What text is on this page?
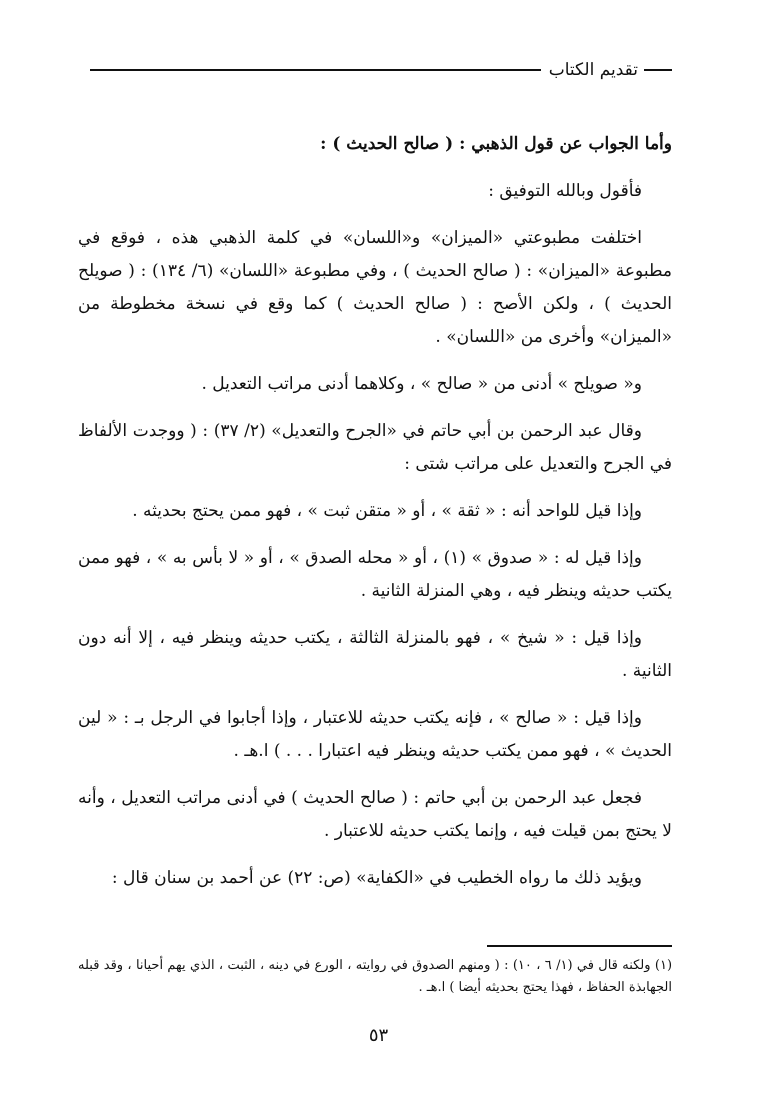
تقديم الكتاب

وأما الجواب عن قول الذهبي : ( صالح الحديث ) :

فأقول وبالله التوفيق :

اختلفت مطبوعتي «الميزان» و«اللسان» في كلمة الذهبي هذه ، فوقع في مطبوعة «الميزان» : ( صالح الحديث ) ، وفي مطبوعة «اللسان» (٦/ ١٣٤) : ( صويلح الحديث ) ، ولكن الأصح : ( صالح الحديث ) كما وقع في نسخة مخطوطة من «الميزان» وأخرى من «اللسان» .

و« صويلح » أدنى من « صالح » ، وكلاهما أدنى مراتب التعديل .

وقال عبد الرحمن بن أبي حاتم في «الجرح والتعديل» (٢/ ٣٧) : ( ووجدت الألفاظ في الجرح والتعديل على مراتب شتى :

وإذا قيل للواحد أنه : « ثقة » ، أو « متقن ثبت » ، فهو ممن يحتج بحديثه .

وإذا قيل له : « صدوق » (١) ، أو « محله الصدق » ، أو « لا بأس به » ، فهو ممن يكتب حديثه وينظر فيه ، وهي المنزلة الثانية .

وإذا قيل : « شيخ » ، فهو بالمنزلة الثالثة ، يكتب حديثه وينظر فيه ، إلا أنه دون الثانية .

وإذا قيل : « صالح » ، فإنه يكتب حديثه للاعتبار ، وإذا أجابوا في الرجل بـ : « لين الحديث » ، فهو ممن يكتب حديثه وينظر فيه اعتبارا . . . ) ا.هـ .

فجعل عبد الرحمن بن أبي حاتم : ( صالح الحديث ) في أدنى مراتب التعديل ، وأنه لا يحتج بمن قيلت فيه ، وإنما يكتب حديثه للاعتبار .

ويؤيد ذلك ما رواه الخطيب في «الكفاية» (ص: ٢٢) عن أحمد بن سنان قال :

(١) ولكنه قال في (١/ ٦ ، ١٠) : ( ومنهم الصدوق في روايته ، الورع في دينه ، الثبت ، الذي يهم أحيانا ، وقد قبله الجهابذة الحفاظ ، فهذا يحتج بحديثه أيضا ) ا.هـ .
٥٣
